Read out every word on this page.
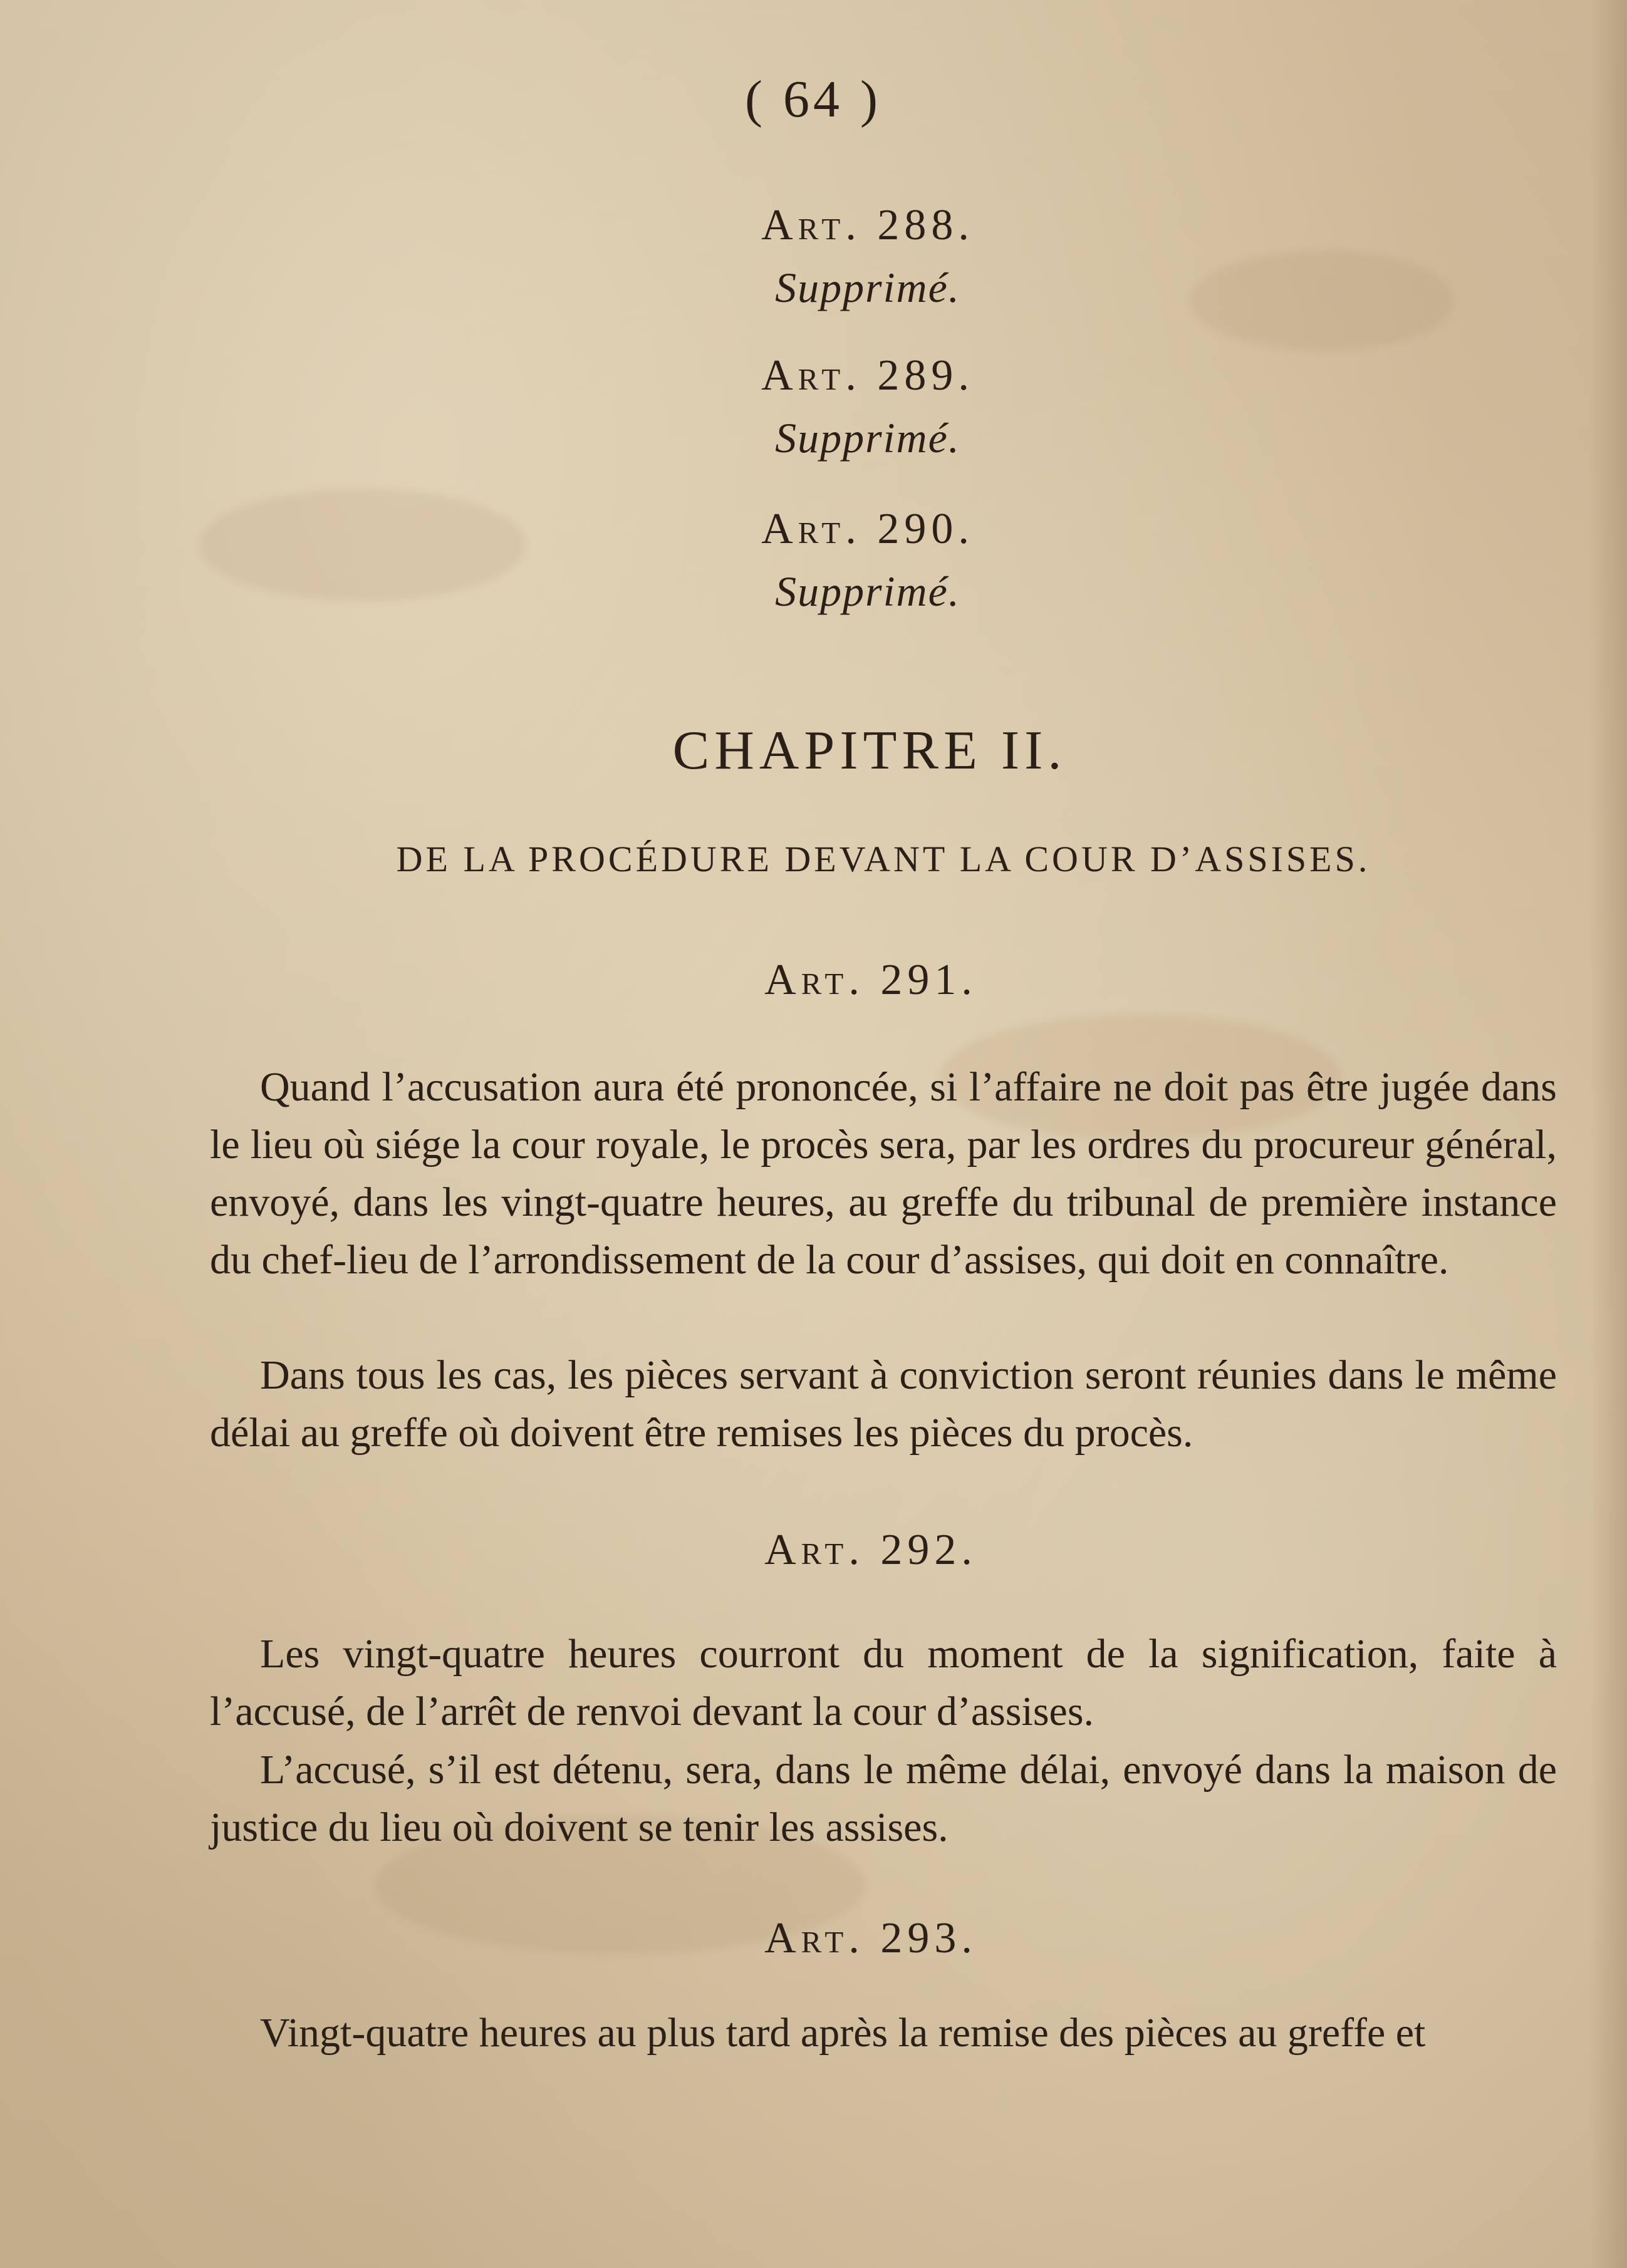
( 64 )

Art. 288.

Supprimé.

Art. 289.

Supprimé.

Art. 290.

Supprimé.

CHAPITRE II.

DE LA PROCÉDURE DEVANT LA COUR D’ASSISES.

Art. 291.

Quand l’accusation aura été prononcée, si l’affaire ne doit pas être jugée dans le lieu où siége la cour royale, le procès sera, par les ordres du procureur général, envoyé, dans les vingt-quatre heures, au greffe du tribunal de première instance du chef-lieu de l’arrondissement de la cour d’assises, qui doit en connaître.

Dans tous les cas, les pièces servant à conviction seront réunies dans le même délai au greffe où doivent être remises les pièces du procès.

Art. 292.

Les vingt-quatre heures courront du moment de la signification, faite à l’accusé, de l’arrêt de renvoi devant la cour d’assises.

L’accusé, s’il est détenu, sera, dans le même délai, envoyé dans la maison de justice du lieu où doivent se tenir les assises.

Art. 293.

Vingt-quatre heures au plus tard après la remise des pièces au greffe et
